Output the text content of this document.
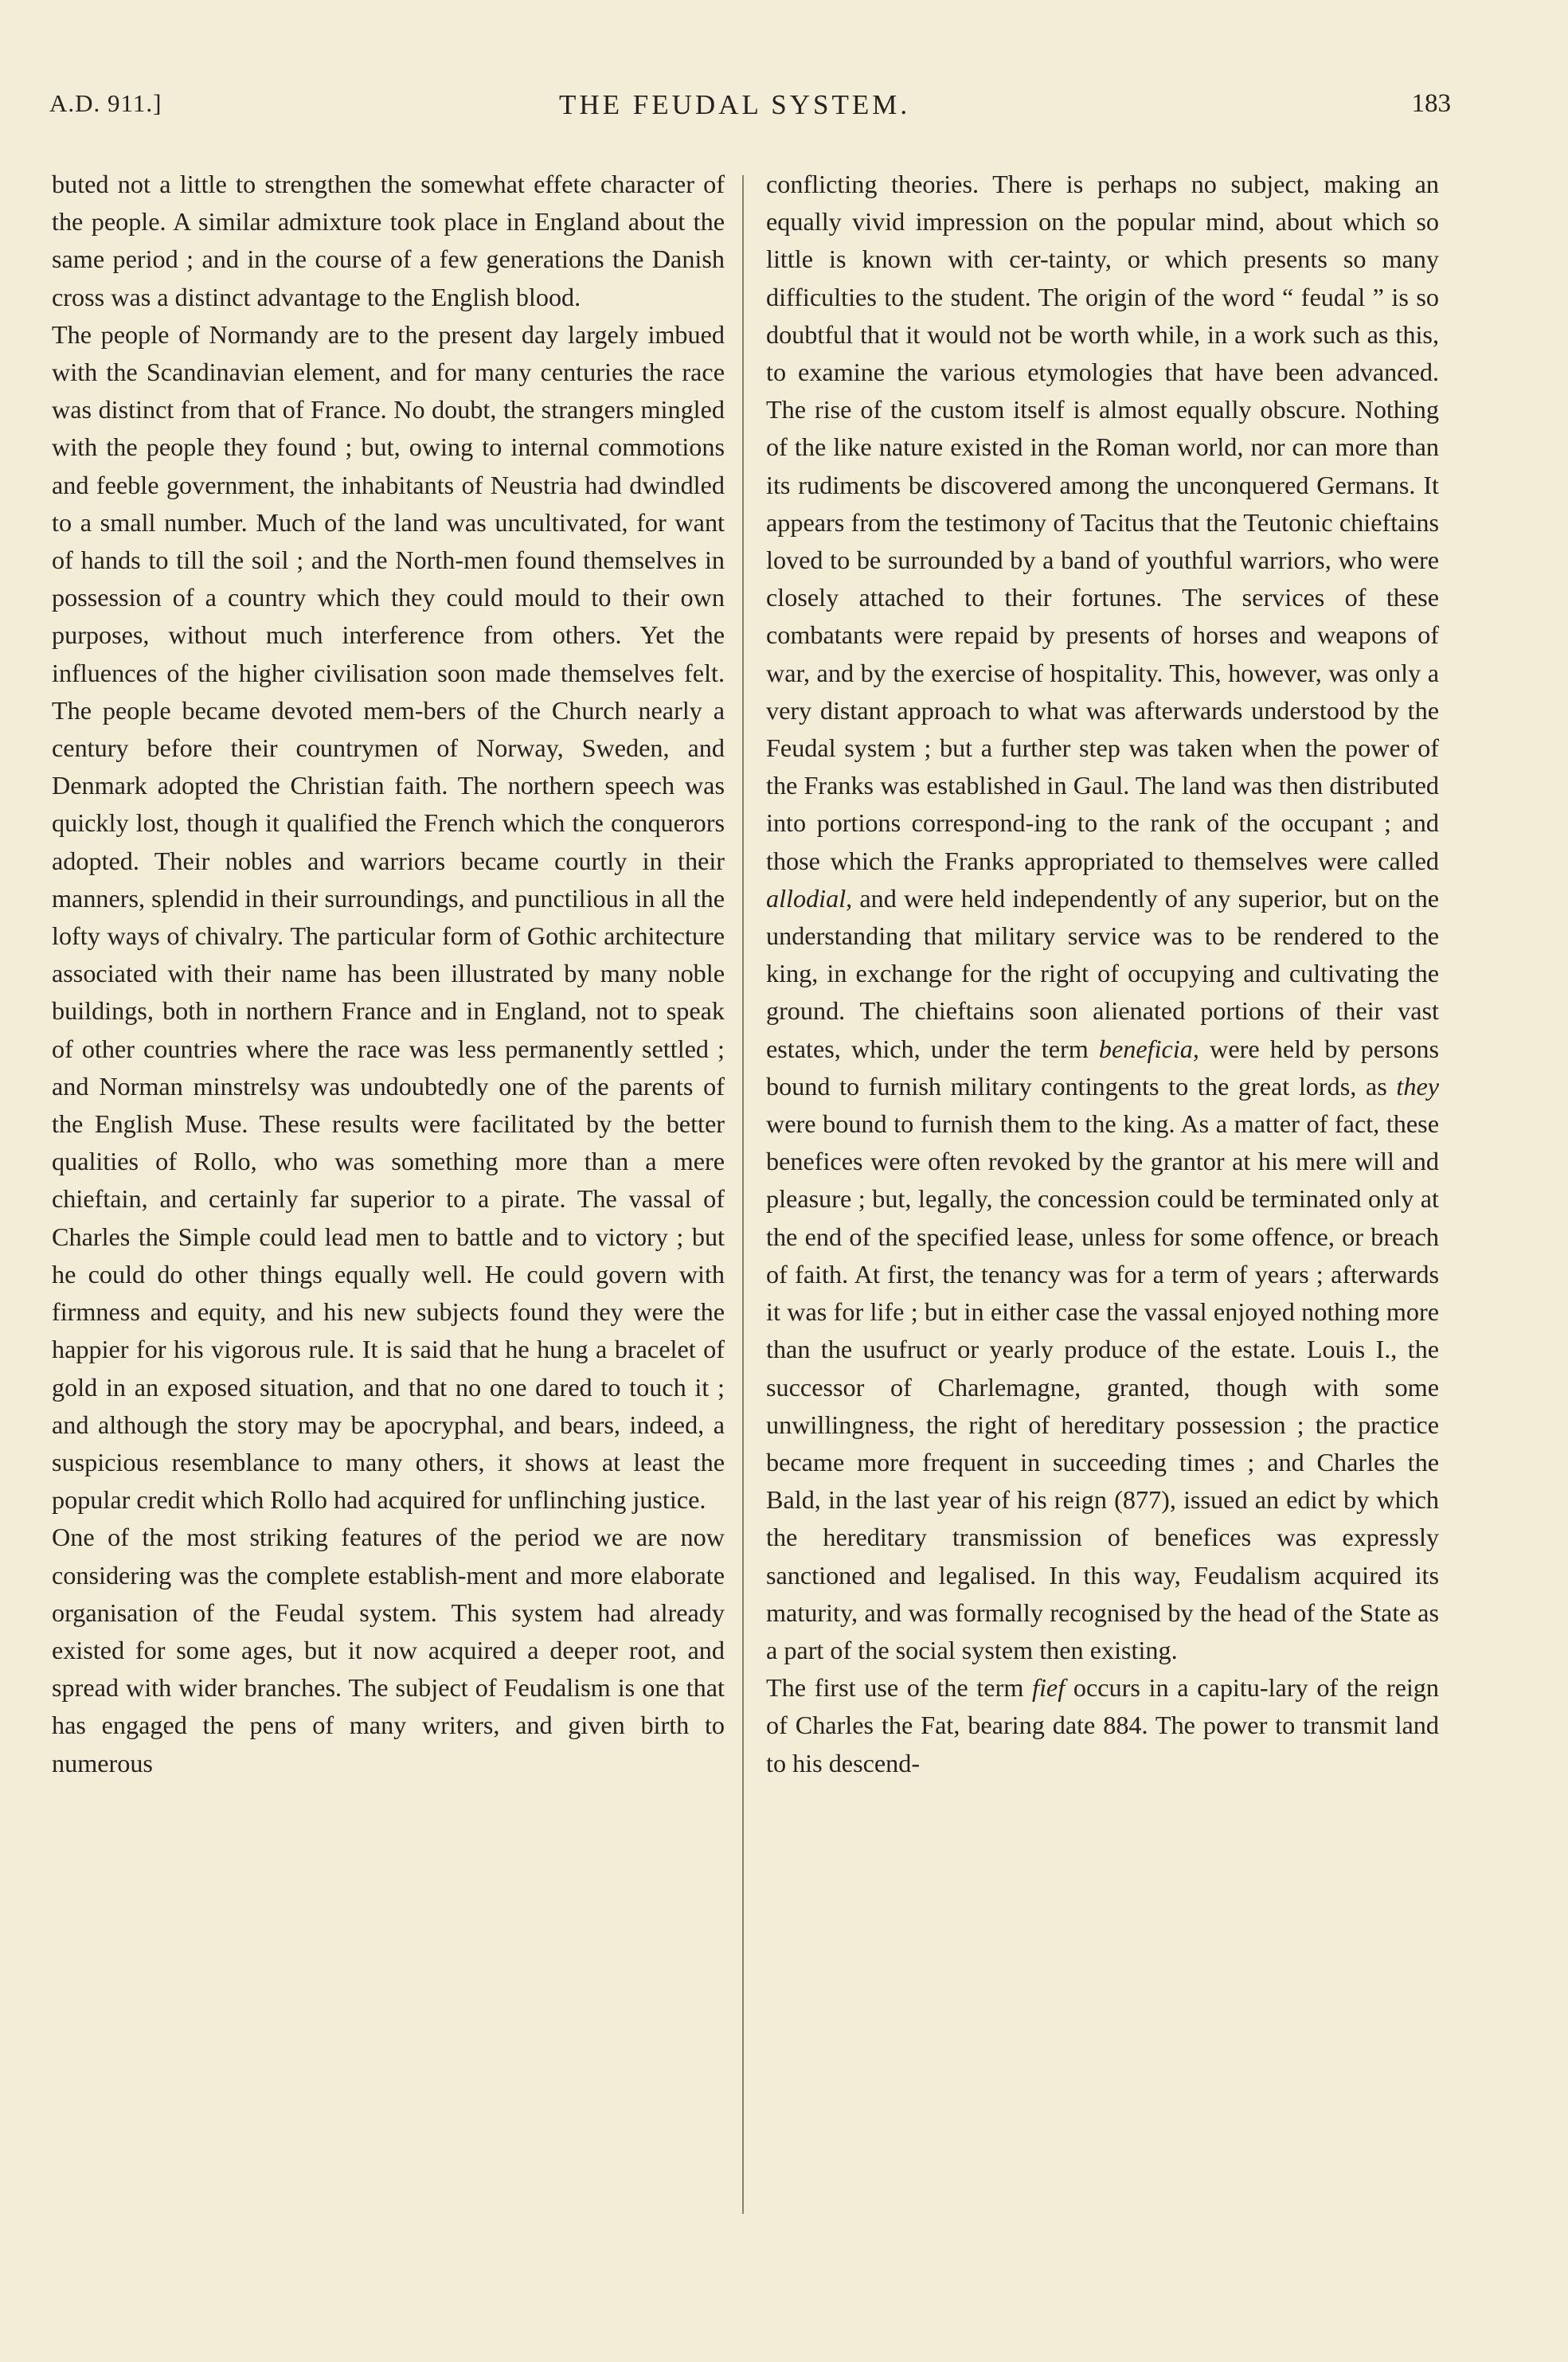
A.D. 911.]	THE FEUDAL SYSTEM.	183

buted not a little to strengthen the somewhat effete character of the people. A similar admixture took place in England about the same period ; and in the course of a few generations the Danish cross was a distinct advantage to the English blood.

The people of Normandy are to the present day largely imbued with the Scandinavian element, and for many centuries the race was distinct from that of France. No doubt, the strangers mingled with the people they found ; but, owing to internal commotions and feeble government, the inhabitants of Neustria had dwindled to a small number. Much of the land was uncultivated, for want of hands to till the soil ; and the North-men found themselves in possession of a country which they could mould to their own purposes, without much interference from others. Yet the influences of the higher civilisation soon made themselves felt. The people became devoted mem-bers of the Church nearly a century before their countrymen of Norway, Sweden, and Denmark adopted the Christian faith. The northern speech was quickly lost, though it qualified the French which the conquerors adopted. Their nobles and warriors became courtly in their manners, splendid in their surroundings, and punctilious in all the lofty ways of chivalry. The particular form of Gothic architecture associated with their name has been illustrated by many noble buildings, both in northern France and in England, not to speak of other countries where the race was less permanently settled ; and Norman minstrelsy was undoubtedly one of the parents of the English Muse. These results were facilitated by the better qualities of Rollo, who was something more than a mere chieftain, and certainly far superior to a pirate. The vassal of Charles the Simple could lead men to battle and to victory ; but he could do other things equally well. He could govern with firmness and equity, and his new subjects found they were the happier for his vigorous rule. It is said that he hung a bracelet of gold in an exposed situation, and that no one dared to touch it ; and although the story may be apocryphal, and bears, indeed, a suspicious resemblance to many others, it shows at least the popular credit which Rollo had acquired for unflinching justice.

One of the most striking features of the period we are now considering was the complete establish-ment and more elaborate organisation of the Feudal system. This system had already existed for some ages, but it now acquired a deeper root, and spread with wider branches. The subject of Feudalism is one that has engaged the pens of many writers, and given birth to numerous

conflicting theories. There is perhaps no subject, making an equally vivid impression on the popular mind, about which so little is known with cer-tainty, or which presents so many difficulties to the student. The origin of the word “ feudal ” is so doubtful that it would not be worth while, in a work such as this, to examine the various etymologies that have been advanced. The rise of the custom itself is almost equally obscure. Nothing of the like nature existed in the Roman world, nor can more than its rudiments be discovered among the unconquered Germans. It appears from the testimony of Tacitus that the Teutonic chieftains loved to be surrounded by a band of youthful warriors, who were closely attached to their fortunes. The services of these combatants were repaid by presents of horses and weapons of war, and by the exercise of hospitality. This, however, was only a very distant approach to what was afterwards understood by the Feudal system ; but a further step was taken when the power of the Franks was established in Gaul. The land was then distributed into portions correspond-ing to the rank of the occupant ; and those which the Franks appropriated to themselves were called allodial, and were held independently of any superior, but on the understanding that military service was to be rendered to the king, in exchange for the right of occupying and cultivating the ground. The chieftains soon alienated portions of their vast estates, which, under the term beneficia, were held by persons bound to furnish military contingents to the great lords, as they were bound to furnish them to the king. As a matter of fact, these benefices were often revoked by the grantor at his mere will and pleasure ; but, legally, the concession could be terminated only at the end of the specified lease, unless for some offence, or breach of faith. At first, the tenancy was for a term of years ; afterwards it was for life ; but in either case the vassal enjoyed nothing more than the usufruct or yearly produce of the estate. Louis I., the successor of Charlemagne, granted, though with some unwillingness, the right of hereditary possession ; the practice became more frequent in succeeding times ; and Charles the Bald, in the last year of his reign (877), issued an edict by which the hereditary transmission of benefices was expressly sanctioned and legalised. In this way, Feudalism acquired its maturity, and was formally recognised by the head of the State as a part of the social system then existing.

The first use of the term fief occurs in a capitu-lary of the reign of Charles the Fat, bearing date 884. The power to transmit land to his descend-
